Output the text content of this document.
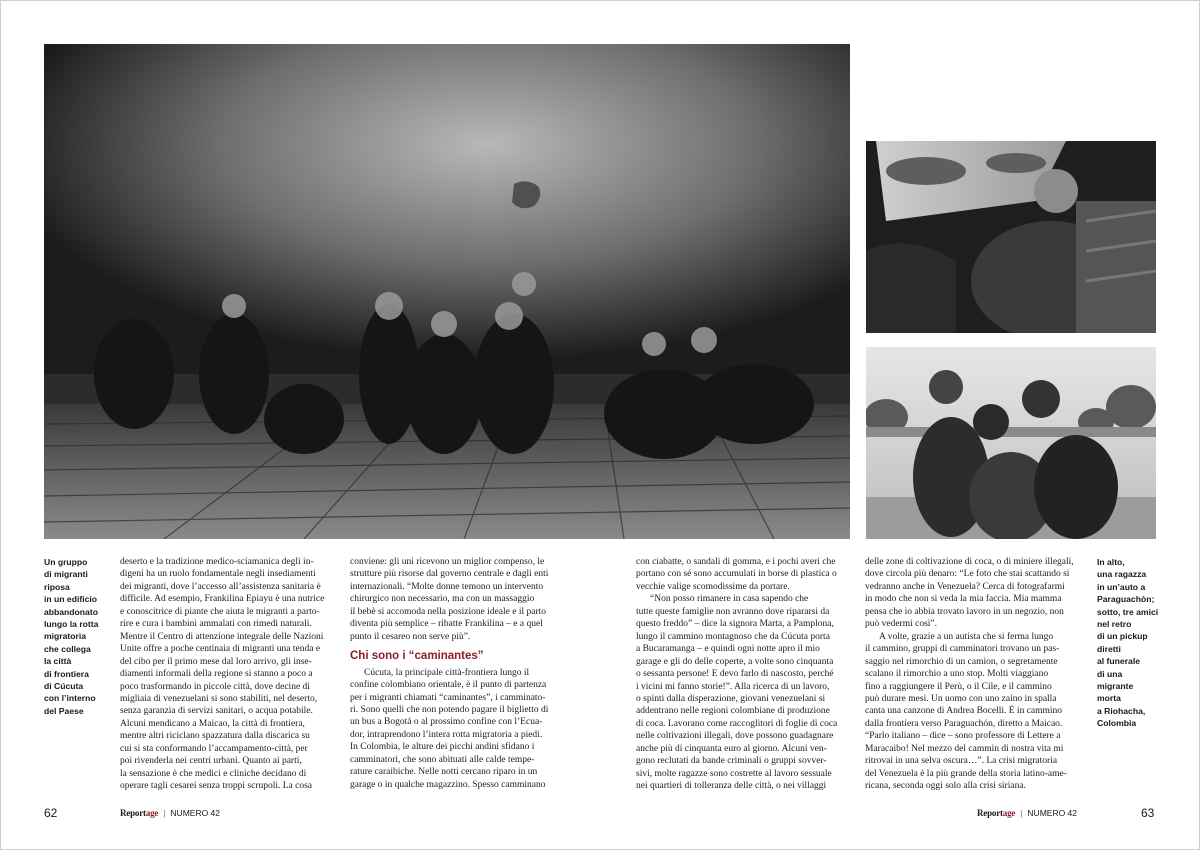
Un gruppo
di migranti
riposa
in un edificio
abbandonato
lungo la rotta
migratoria
che collega
la città
di frontiera
di Cúcuta
con l’interno
del Paese
In alto,
una ragazza
in un’auto a
Paraguachòn;
sotto, tre amici
nel retro
di un pickup
diretti
al funerale
di una
migrante
morta
a Riohacha,
Colombia
deserto e la tradizione medico-sciamanica degli in-
digeni ha un ruolo fondamentale negli insediamenti
dei migranti, dove l’accesso all’assistenza sanitaria è
difficile. Ad esempio, Frankilina Epiayu è una nutrice
e conoscitrice di piante che aiuta le migranti a parto-
rire e cura i bambini ammalati con rimedi naturali.
Mentre il Centro di attenzione integrale delle Nazioni
Unite offre a poche centinaia di migranti una tenda e
del cibo per il primo mese dal loro arrivo, gli inse-
diamenti informali della regione si stanno a poco a
poco trasformando in piccole città, dove decine di
migliaia di venezuelani si sono stabiliti, nel deserto,
senza garanzia di servizi sanitari, o acqua potabile.
Alcuni mendicano a Maicao, la città di frontiera,
mentre altri riciclano spazzatura dalla discarica su
cui si sta conformando l’accampamento-città, per
poi rivenderla nei centri urbani. Quanto ai parti,
la sensazione è che medici e cliniche decidano di
operare tagli cesarei senza troppi scrupoli. La cosa
conviene: gli uni ricevono un miglior compenso, le
strutture più risorse dal governo centrale e dagli enti
internazionali. “Molte donne temono un intervento
chirurgico non necessario, ma con un massaggio
il bebè si accomoda nella posizione ideale e il parto
diventa più semplice – ribatte Frankilina – e a quel
punto il cesareo non serve più”.
Chi sono i “caminantes”
Cúcuta, la principale città-frontiera lungo il
confine colombiano orientale, è il punto di partenza
per i migranti chiamati “caminantes”, i camminato-
ri. Sono quelli che non potendo pagare il biglietto di
un bus a Bogotá o al prossimo confine con l’Ecua-
dor, intraprendono l’intera rotta migratoria a piedi.
In Colombia, le alture dei picchi andini sfidano i
camminatori, che sono abituati alle calde tempe-
rature caraibiche. Nelle notti cercano riparo in un
garage o in qualche magazzino. Spesso camminano
con ciabatte, o sandali di gomma, e i pochi averi che
portano con sé sono accumulati in borse di plastica o
vecchie valige scomodissime da portare.
“Non posso rimanere in casa sapendo che
tutte queste famiglie non avranno dove ripararsi da
questo freddo” – dice la signora Marta, a Pamplona,
lungo il cammino montagnoso che da Cúcuta porta
a Bucaramanga – e quindi ogni notte apro il mio
garage e gli do delle coperte, a volte sono cinquanta
o sessanta persone! E devo farlo di nascosto, perché
i vicini mi fanno storie!”. Alla ricerca di un lavoro,
o spinti dalla disperazione, giovani venezuelani si
addentrano nelle regioni colombiane di produzione
di coca. Lavorano come raccoglitori di foglie di coca
nelle coltivazioni illegali, dove possono guadagnare
anche più di cinquanta euro al giorno. Alcuni ven-
gono reclutati da bande criminali o gruppi sovver-
sivi, molte ragazze sono costrette al lavoro sessuale
nei quartieri di tolleranza delle città, o nei villaggi
delle zone di coltivazione di coca, o di miniere illegali,
dove circola più denaro: “Le foto che stai scattando si
vedranno anche in Venezuela? Cerca di fotografarmi
in modo che non si veda la mia faccia. Mia mamma
pensa che io abbia trovato lavoro in un negozio, non
può vedermi così”.
A volte, grazie a un autista che si ferma lungo
il cammino, gruppi di camminatori trovano un pas-
saggio nel rimorchio di un camion, o segretamente
scalano il rimorchio a uno stop. Molti viaggiano
fino a raggiungere il Perù, o il Cile, e il cammino
può durare mesi. Un uomo con uno zaino in spalla
canta una canzone di Andrea Bocelli. È in cammino
dalla frontiera verso Paraguachón, diretto a Maicao.
“Parlo italiano – dice – sono professore di Lettere a
Maracaibo! Nel mezzo del cammin di nostra vita mi
ritrovai in una selva oscura…”. La crisi migratoria
del Venezuela è la più grande della storia latino-ame-
ricana, seconda oggi solo alla crisi siriana.
62	Reportage | NUMERO 42	Reportage | NUMERO 42	63
